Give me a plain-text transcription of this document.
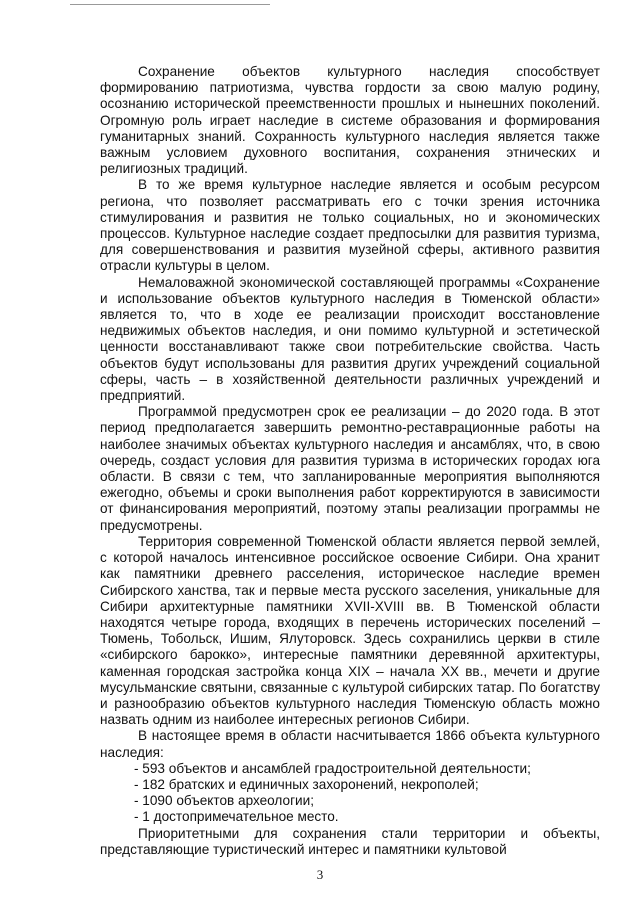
Сохранение объектов культурного наследия способствует формированию патриотизма, чувства гордости за свою малую родину, осознанию исторической преемственности прошлых и нынешних поколений. Огромную роль играет наследие в системе образования и формирования гуманитарных знаний. Сохранность культурного наследия является также важным условием духовного воспитания, сохранения этнических и религиозных традиций.

В то же время культурное наследие является и особым ресурсом региона, что позволяет рассматривать его с точки зрения источника стимулирования и развития не только социальных, но и экономических процессов. Культурное наследие создает предпосылки для развития туризма, для совершенствования и развития музейной сферы, активного развития отрасли культуры в целом.

Немаловажной экономической составляющей программы «Сохранение и использование объектов культурного наследия в Тюменской области» является то, что в ходе ее реализации происходит восстановление недвижимых объектов наследия, и они помимо культурной и эстетической ценности восстанавливают также свои потребительские свойства. Часть объектов будут использованы для развития других учреждений социальной сферы, часть – в хозяйственной деятельности различных учреждений и предприятий.

Программой предусмотрен срок ее реализации – до 2020 года. В этот период предполагается завершить ремонтно-реставрационные работы на наиболее значимых объектах культурного наследия и ансамблях, что, в свою очередь, создаст условия для развития туризма в исторических городах юга области. В связи с тем, что запланированные мероприятия выполняются ежегодно, объемы и сроки выполнения работ корректируются в зависимости от финансирования мероприятий, поэтому этапы реализации программы не предусмотрены.

Территория современной Тюменской области является первой землей, с которой началось интенсивное российское освоение Сибири. Она хранит как памятники древнего расселения, историческое наследие времен Сибирского ханства, так и первые места русского заселения, уникальные для Сибири архитектурные памятники XVII-XVIII вв. В Тюменской области находятся четыре города, входящих в перечень исторических поселений – Тюмень, Тобольск, Ишим, Ялуторовск. Здесь сохранились церкви в стиле «сибирского барокко», интересные памятники деревянной архитектуры, каменная городская застройка конца XIX – начала XX вв., мечети и другие мусульманские святыни, связанные с культурой сибирских татар. По богатству и разнообразию объектов культурного наследия Тюменскую область можно назвать одним из наиболее интересных регионов Сибири.

В настоящее время в области насчитывается 1866 объекта культурного наследия:

- 593 объектов и ансамблей градостроительной деятельности;
- 182 братских и единичных захоронений, некрополей;
- 1090 объектов археологии;
- 1 достопримечательное место.

Приоритетными для сохранения стали территории и объекты, представляющие туристический интерес и памятники культовой

3
